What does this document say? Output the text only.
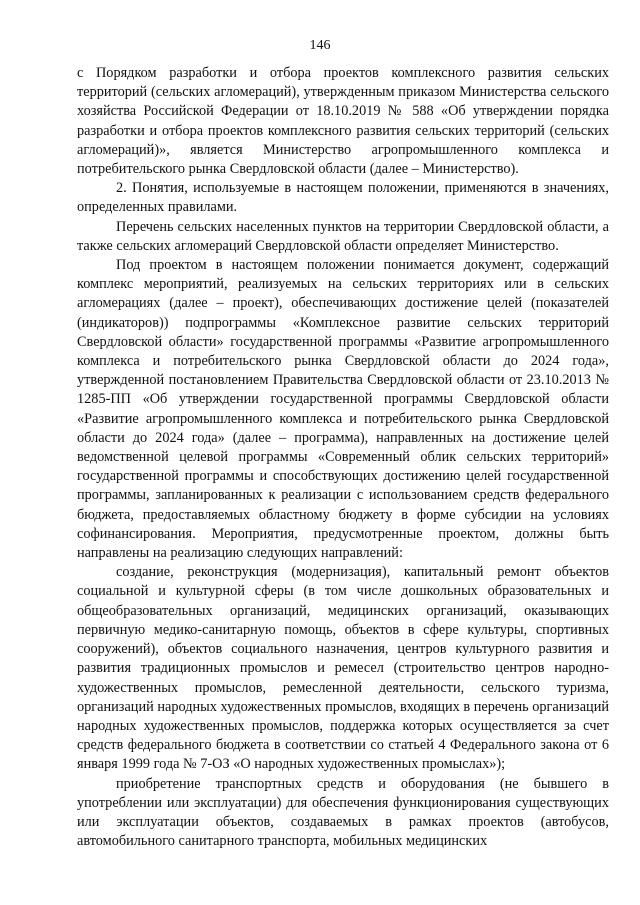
146

с Порядком разработки и отбора проектов комплексного развития сельских территорий (сельских агломераций), утвержденным приказом Министерства сельского хозяйства Российской Федерации от 18.10.2019 № 588 «Об утверждении порядка разработки и отбора проектов комплексного развития сельских территорий (сельских агломераций)», является Министерство агропромышленного комплекса и потребительского рынка Свердловской области (далее – Министерство).

2. Понятия, используемые в настоящем положении, применяются в значениях, определенных правилами.

Перечень сельских населенных пунктов на территории Свердловской области, а также сельских агломераций Свердловской области определяет Министерство.

Под проектом в настоящем положении понимается документ, содержащий комплекс мероприятий, реализуемых на сельских территориях или в сельских агломерациях (далее – проект), обеспечивающих достижение целей (показателей (индикаторов)) подпрограммы «Комплексное развитие сельских территорий Свердловской области» государственной программы «Развитие агропромышленного комплекса и потребительского рынка Свердловской области до 2024 года», утвержденной постановлением Правительства Свердловской области от 23.10.2013 № 1285-ПП «Об утверждении государственной программы Свердловской области «Развитие агропромышленного комплекса и потребительского рынка Свердловской области до 2024 года» (далее – программа), направленных на достижение целей ведомственной целевой программы «Современный облик сельских территорий» государственной программы и способствующих достижению целей государственной программы, запланированных к реализации с использованием средств федерального бюджета, предоставляемых областному бюджету в форме субсидии на условиях софинансирования. Мероприятия, предусмотренные проектом, должны быть направлены на реализацию следующих направлений:

создание, реконструкция (модернизация), капитальный ремонт объектов социальной и культурной сферы (в том числе дошкольных образовательных и общеобразовательных организаций, медицинских организаций, оказывающих первичную медико-санитарную помощь, объектов в сфере культуры, спортивных сооружений), объектов социального назначения, центров культурного развития и развития традиционных промыслов и ремесел (строительство центров народно-художественных промыслов, ремесленной деятельности, сельского туризма, организаций народных художественных промыслов, входящих в перечень организаций народных художественных промыслов, поддержка которых осуществляется за счет средств федерального бюджета в соответствии со статьей 4 Федерального закона от 6 января 1999 года № 7-ОЗ «О народных художественных промыслах»);

приобретение транспортных средств и оборудования (не бывшего в употреблении или эксплуатации) для обеспечения функционирования существующих или эксплуатации объектов, создаваемых в рамках проектов (автобусов, автомобильного санитарного транспорта, мобильных медицинских
